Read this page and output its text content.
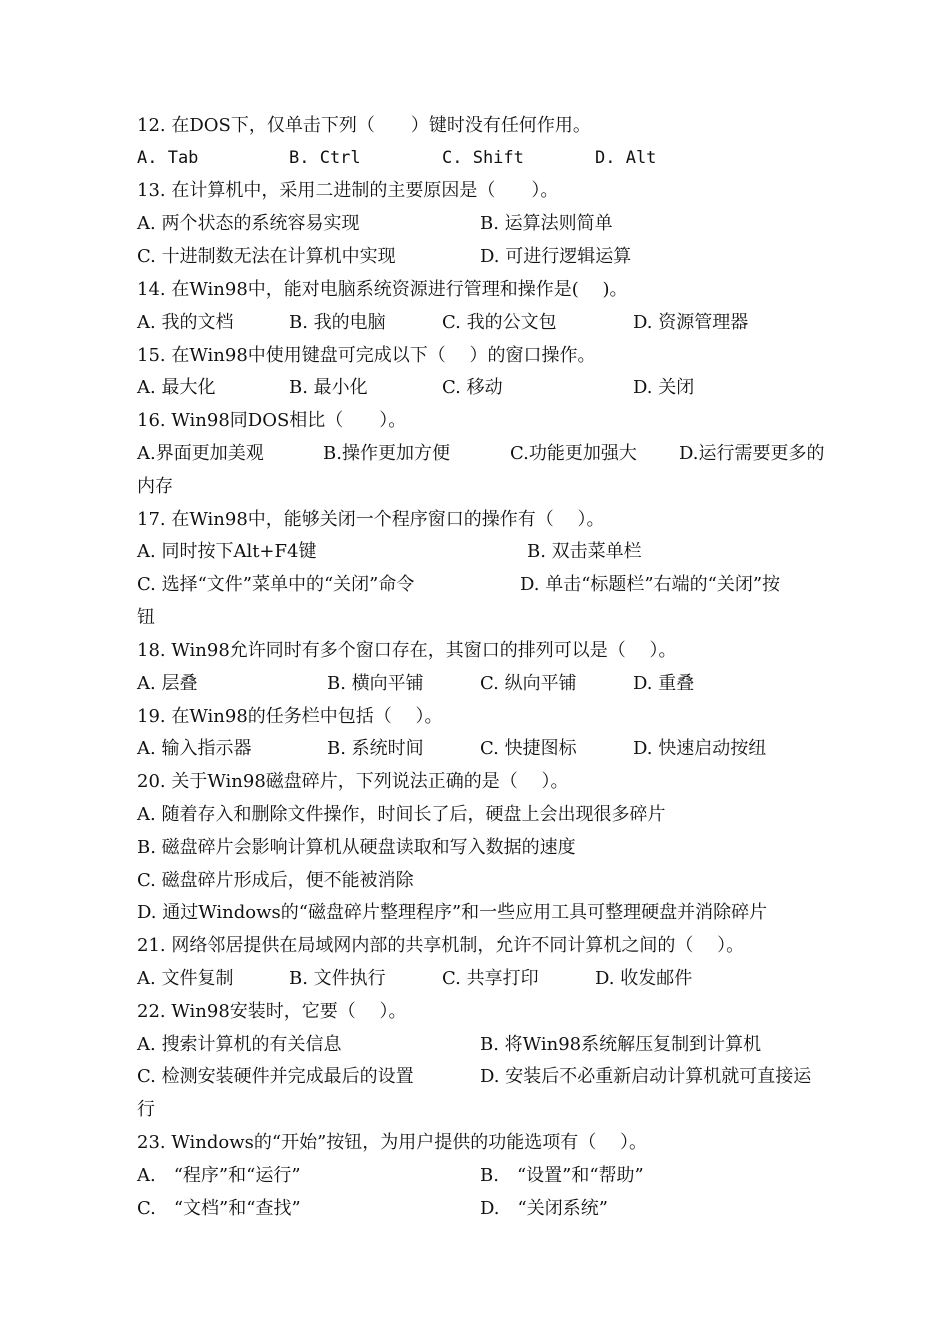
12. 在DOS下，仅单击下列（　　）键时没有任何作用。

A. Tab

	B. Ctrl

	C. Shift

	D. Alt

13. 在计算机中，采用二进制的主要原因是（　　）。

A. 两个状态的系统容易实现

	B. 运算法则简单

C. 十进制数无法在计算机中实现

	D. 可进行逻辑运算

14. 在Win98中，能对电脑系统资源进行管理和操作是(　 )。

A. 我的文档

	B. 我的电脑

	C. 我的公文包

	D. 资源管理器

15. 在Win98中使用键盘可完成以下（　 ）的窗口操作。

A. 最大化

	B. 最小化

	C. 移动

	D. 关闭

16. Win98同DOS相比（　　）。

A.界面更加美观

	B.操作更加方便

	C.功能更加强大

D.运行需要更多的

内存

17. 在Win98中，能够关闭一个程序窗口的操作有（　 ）。

A. 同时按下Alt+F4键

	B. 双击菜单栏

C. 选择“文件”菜单中的“关闭”命令

	D. 单击“标题栏”右端的“关闭”按

钮

18. Win98允许同时有多个窗口存在，其窗口的排列可以是（　 ）。

A. 层叠

	B. 横向平铺

	C. 纵向平铺

	D. 重叠

19. 在Win98的任务栏中包括（　 ）。

A. 输入指示器

	B. 系统时间

	C. 快捷图标

	D. 快速启动按纽

20. 关于Win98磁盘碎片，下列说法正确的是（　 ）。

A. 随着存入和删除文件操作，时间长了后，硬盘上会出现很多碎片

B. 磁盘碎片会影响计算机从硬盘读取和写入数据的速度

C. 磁盘碎片形成后，便不能被消除

D. 通过Windows的“磁盘碎片整理程序”和一些应用工具可整理硬盘并消除碎片

21. 网络邻居提供在局域网内部的共享机制，允许不同计算机之间的（　 ）。

A. 文件复制

	B. 文件执行

	C. 共享打印

	D. 收发邮件

22. Win98安装时，它要（　 ）。

A. 搜索计算机的有关信息

	B. 将Win98系统解压复制到计算机

C. 检测安装硬件并完成最后的设置

	D. 安装后不必重新启动计算机就可直接运

行

23. Windows的“开始”按钮，为用户提供的功能选项有（　 ）。

A.　“程序”和“运行”

	B.　“设置”和“帮助”

C.　“文档”和“查找”

	D.　“关闭系统”
